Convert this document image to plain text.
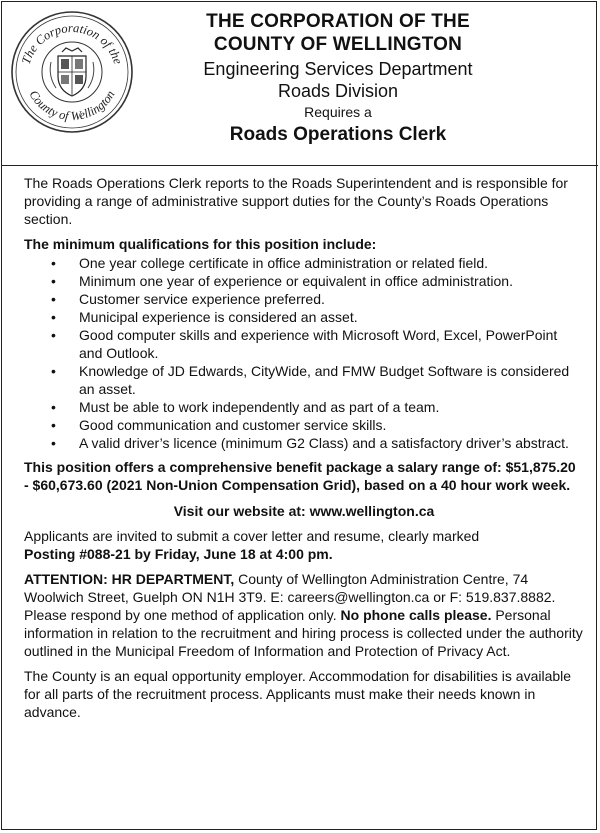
The Corporation of the
County of Wellington
THE CORPORATION OF THE
COUNTY OF WELLINGTON
Engineering Services Department
Roads Division
Requires a
Roads Operations Clerk

The Roads Operations Clerk reports to the Roads Superintendent and is responsible for providing a range of administrative support duties for the County’s Roads Operations section.

The minimum qualifications for this position include:

• One year college certificate in office administration or related field.
• Minimum one year of experience or equivalent in office administration.
• Customer service experience preferred.
• Municipal experience is considered an asset.
• Good computer skills and experience with Microsoft Word, Excel, PowerPoint and Outlook.
• Knowledge of JD Edwards, CityWide, and FMW Budget Software is considered an asset.
• Must be able to work independently and as part of a team.
• Good communication and customer service skills.
• A valid driver’s licence (minimum G2 Class) and a satisfactory driver’s abstract.

This position offers a comprehensive benefit package a salary range of: $51,875.20 - $60,673.60 (2021 Non-Union Compensation Grid), based on a 40 hour work week.

Visit our website at: www.wellington.ca

Applicants are invited to submit a cover letter and resume, clearly marked
Posting #088-21 by Friday, June 18 at 4:00 pm.

ATTENTION: HR DEPARTMENT, County of Wellington Administration Centre, 74 Woolwich Street, Guelph ON N1H 3T9. E: careers@wellington.ca or F: 519.837.8882. Please respond by one method of application only. No phone calls please. Personal information in relation to the recruitment and hiring process is collected under the authority outlined in the Municipal Freedom of Information and Protection of Privacy Act.

The County is an equal opportunity employer. Accommodation for disabilities is available for all parts of the recruitment process. Applicants must make their needs known in advance.
